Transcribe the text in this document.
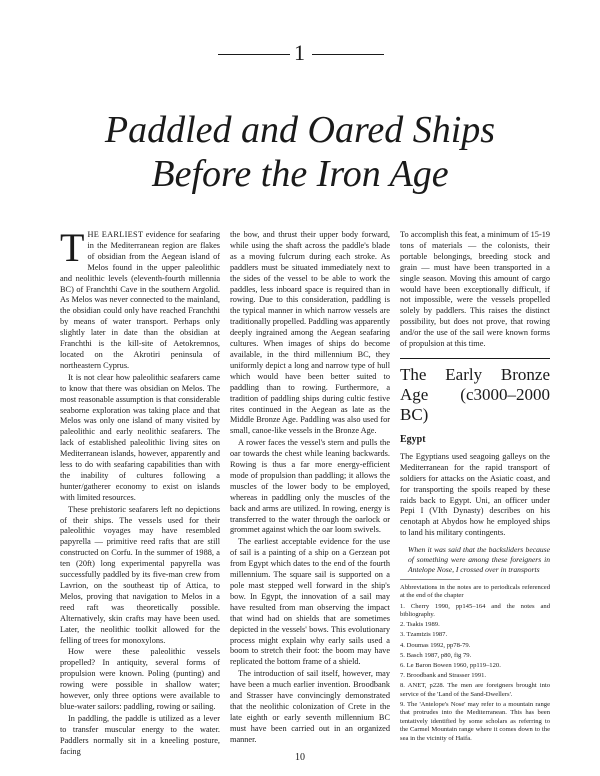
1
Paddled and Oared Ships Before the Iron Age

THE EARLIEST evidence for seafaring in the Mediterranean region are flakes of obsidian from the Aegean island of Melos found in the upper paleolithic and neolithic levels (eleventh-fourth millennia BC) of Franchthi Cave in the southern Argolid. As Melos was never connected to the mainland, the obsidian could only have reached Franchthi by means of water transport. Perhaps only slightly later in date than the obsidian at Franchthi is the kill-site of Aetokremnos, located on the Akrotiri peninsula of northeastern Cyprus.

It is not clear how paleolithic seafarers came to know that there was obsidian on Melos. The most reasonable assumption is that considerable seaborne exploration was taking place and that Melos was only one island of many visited by paleolithic and early neolithic seafarers. The lack of established paleolithic living sites on Mediterranean islands, however, apparently and less to do with seafaring capabilities than with the inability of cultures following a hunter/gatherer economy to exist on islands with limited resources.

These prehistoric seafarers left no depictions of their ships. The vessels used for their paleolithic voyages may have resembled papyrella — primitive reed rafts that are still constructed on Corfu. In the summer of 1988, a ten (20ft) long experimental papyrella was successfully paddled by its five-man crew from Lavrion, on the southeast tip of Attica, to Melos, proving that navigation to Melos in a reed raft was theoretically possible. Alternatively, skin crafts may have been used. Later, the neolithic toolkit allowed for the felling of trees for monoxylons.

How were these paleolithic vessels propelled? In antiquity, several forms of propulsion were known. Poling (punting) and rowing were possible in shallow water; however, only three options were available to blue-water sailors: paddling, rowing or sailing.

In paddling, the paddle is utilized as a lever to transfer muscular energy to the water. Paddlers normally sit in a kneeling posture, facing

the bow, and thrust their upper body forward, while using the shaft across the paddle's blade as a moving fulcrum during each stroke. As paddlers must be situated immediately next to the sides of the vessel to be able to work the paddles, less inboard space is required than in rowing. Due to this consideration, paddling is the typical manner in which narrow vessels are traditionally propelled. Paddling was apparently deeply ingrained among the Aegean seafaring cultures. When images of ships do become available, in the third millennium BC, they uniformly depict a long and narrow type of hull which would have been better suited to paddling than to rowing. Furthermore, a tradition of paddling ships during cultic festive rites continued in the Aegean as late as the Middle Bronze Age. Paddling was also used for small, canoe-like vessels in the Bronze Age.

A rower faces the vessel's stern and pulls the oar towards the chest while leaning backwards. Rowing is thus a far more energy-efficient mode of propulsion than paddling; it allows the muscles of the lower body to be employed, whereas in paddling only the muscles of the back and arms are utilized. In rowing, energy is transferred to the water through the oarlock or grommet against which the oar loom swivels.

The earliest acceptable evidence for the use of sail is a painting of a ship on a Gerzean pot from Egypt which dates to the end of the fourth millennium. The square sail is supported on a pole mast stepped well forward in the ship's bow. In Egypt, the innovation of a sail may have resulted from man observing the impact that wind had on shields that are sometimes depicted in the vessels' bows. This evolutionary process might explain why early sails used a boom to stretch their foot: the boom may have replicated the bottom frame of a shield.

The introduction of sail itself, however, may have been a much earlier invention. Broodbank and Strasser have convincingly demonstrated that the neolithic colonization of Crete in the late eighth or early seventh millennium BC must have been carried out in an organized manner.

To accomplish this feat, a minimum of 15-19 tons of materials — the colonists, their portable belongings, breeding stock and grain — must have been transported in a single season. Moving this amount of cargo would have been exceptionally difficult, if not impossible, were the vessels propelled solely by paddlers. This raises the distinct possibility, but does not prove, that rowing and/or the use of the sail were known forms of propulsion at this time.

The Early Bronze Age (c3000–2000 BC)
Egypt

The Egyptians used seagoing galleys on the Mediterranean for the rapid transport of soldiers for attacks on the Asiatic coast, and for transporting the spoils reaped by these raids back to Egypt. Uni, an officer under Pepi I (VIth Dynasty) describes on his cenotaph at Abydos how he employed ships to land his military contingents.

When it was said that the backsliders because of something were among these foreigners in Antelope Nose, I crossed over in transports

Abbreviations in the notes are to periodicals referenced at the end of the chapter

1. Cherry 1990, pp145–164 and the notes and bibliography.
2. Tsakis 1989.
3. Tzamtzis 1987.
4. Doumas 1992, pp78-79.
5. Basch 1987, p80, fig 79.
6. Le Baron Bowen 1960, pp119–120.
7. Broodbank and Strasser 1991.
8. ANET, p228. The men are foreigners brought into service of the 'Land of the Sand-Dwellers'.
9. The 'Antelope's Nose' may refer to a mountain range that protrudes into the Mediterranean. This has been tentatively identified by some scholars as referring to the Carmel Mountain range where it comes down to the sea in the vicinity of Haifa.
10
